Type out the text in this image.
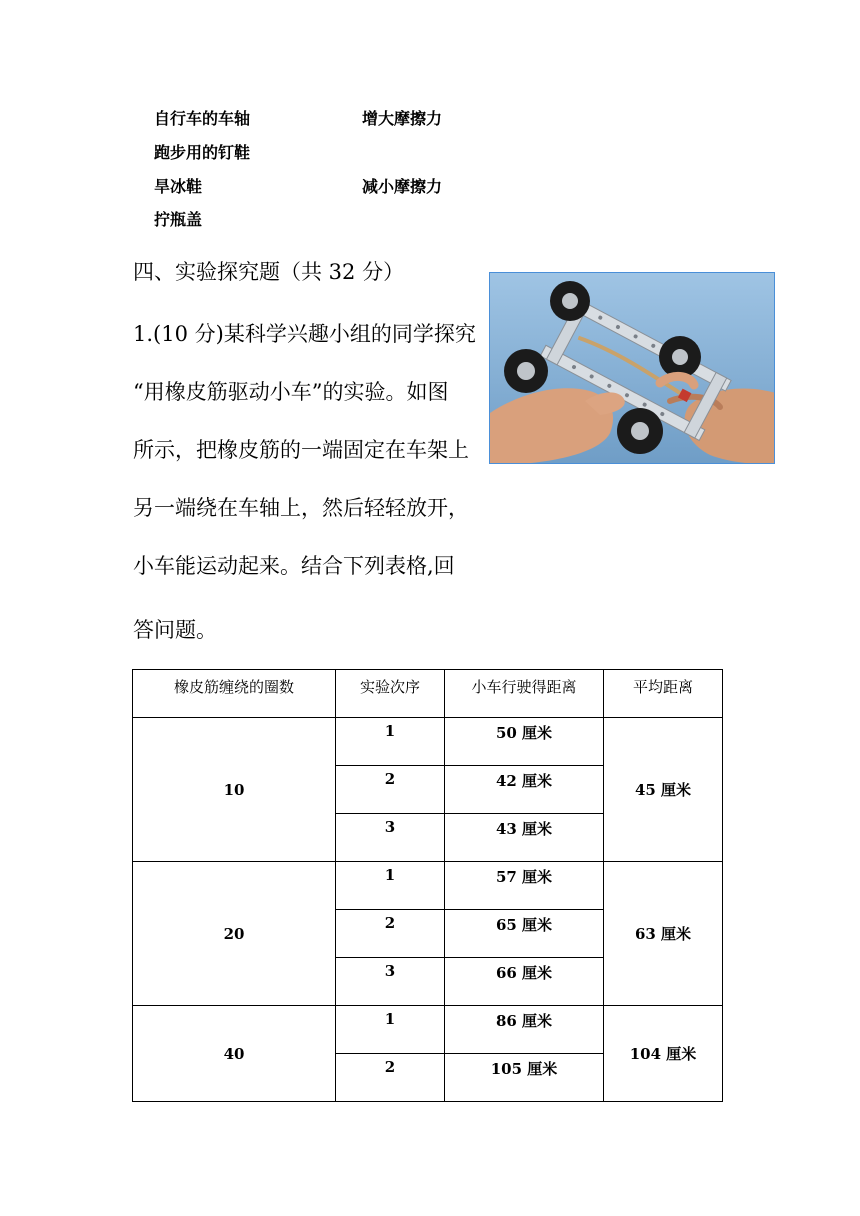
自行车的车轴	增大摩擦力
跑步用的钉鞋
旱冰鞋	减小摩擦力
拧瓶盖
四、实验探究题（共 32 分）
1.(10 分)某科学兴趣小组的同学探究
“用橡皮筋驱动小车”的实验。如图
所示，把橡皮筋的一端固定在车架上
另一端绕在车轴上，然后轻轻放开，
小车能运动起来。结合下列表格,回
答问题。
橡皮筋缠绕的圈数	实验次序	小车行驶得距离	平均距离
10	1	50 厘米	45 厘米
	2	42 厘米	
	3	43 厘米	
20	1	57 厘米	63 厘米
	2	65 厘米	
	3	66 厘米	
40	1	86 厘米	104 厘米
	2	105 厘米	
